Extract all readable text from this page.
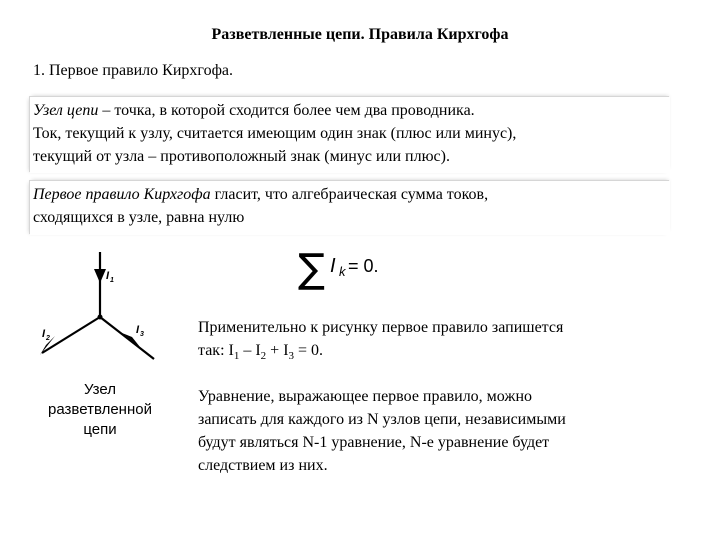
Разветвленные цепи. Правила Кирхгофа
1. Первое правило Кирхгофа.
Узел цепи – точка, в которой сходится более чем два проводника.
Ток, текущий к узлу, считается имеющим один знак (плюс или минус),
текущий от узла – противоположный знак (минус или плюс).
Первое правило Кирхгофа гласит, что алгебраическая сумма токов,
сходящихся в узле, равна нулю
∑ I k = 0.
I 1
I 2
I 3
Узел
разветвленной
цепи
Применительно к рисунку первое правило запишется
так: $I_1 - I_2 + I_3 = 0$.
Уравнение, выражающее первое правило, можно
записать для каждого из N узлов цепи, независимыми
будут являться N-1 уравнение, N-е уравнение будет
следствием из них.
